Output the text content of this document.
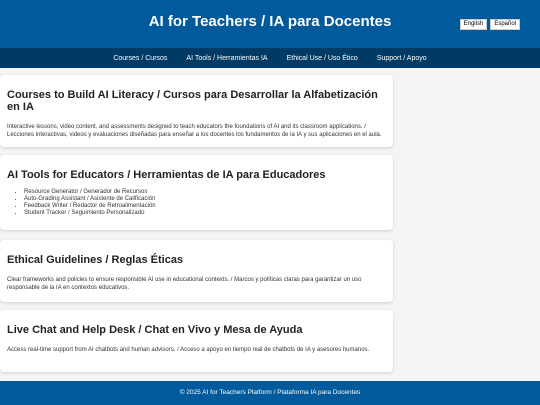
AI for Teachers / IA para Docentes	English	Español
Courses / Cursos	AI Tools / Herramientas IA	Ethical Use / Uso Ético	Support / Apoyo
Courses to Build AI Literacy / Cursos para Desarrollar la Alfabetización en IA

Interactive lessons, video content, and assessments designed to teach educators the foundations of AI and its classroom applications. / Lecciones interactivas, videos y evaluaciones diseñadas para enseñar a los docentes los fundamentos de la IA y sus aplicaciones en el aula.

AI Tools for Educators / Herramientas de IA para Educadores
• Resource Generator / Generador de Recursos
• Auto-Grading Assistant / Asistente de Calificación
• Feedback Writer / Redactor de Retroalimentación
• Student Tracker / Seguimiento Personalizado
Ethical Guidelines / Reglas Éticas

Clear frameworks and policies to ensure responsible AI use in educational contexts. / Marcos y políticas claras para garantizar un uso responsable de la IA en contextos educativos.

Live Chat and Help Desk / Chat en Vivo y Mesa de Ayuda

Access real-time support from AI chatbots and human advisors. / Acceso a apoyo en tiempo real de chatbots de IA y asesores humanos.

© 2025 AI for Teachers Platform / Plataforma IA para Docentes
